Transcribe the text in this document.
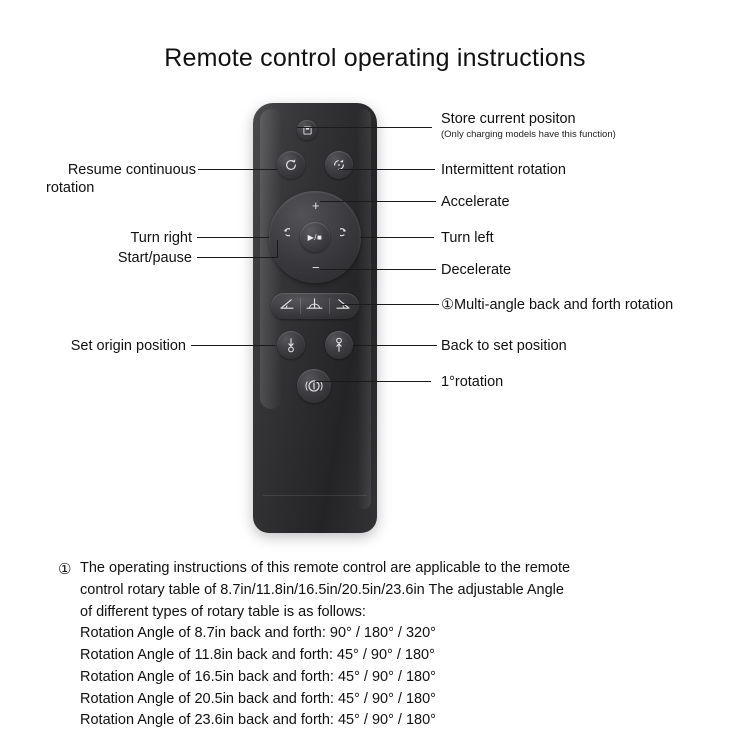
Remote control operating instructions
+
−
▶/■
Store current positon
(Only charging models have this function)
Intermittent rotation
Accelerate
Turn left
Decelerate
①Multi-angle back and forth rotation
Back to set position
1°rotation
Resume continuous
rotation
Turn right
Start/pause
Set origin position
① The operating instructions of this remote control are applicable to the remote

control rotary table of 8.7in/11.8in/16.5in/20.5in/23.6in The adjustable Angle

of different types of rotary table is as follows:

Rotation Angle of 8.7in back and forth: 90° / 180° / 320°

Rotation Angle of 11.8in back and forth: 45° / 90° / 180°

Rotation Angle of 16.5in back and forth: 45° / 90° / 180°

Rotation Angle of 20.5in back and forth: 45° / 90° / 180°

Rotation Angle of 23.6in back and forth: 45° / 90° / 180°
